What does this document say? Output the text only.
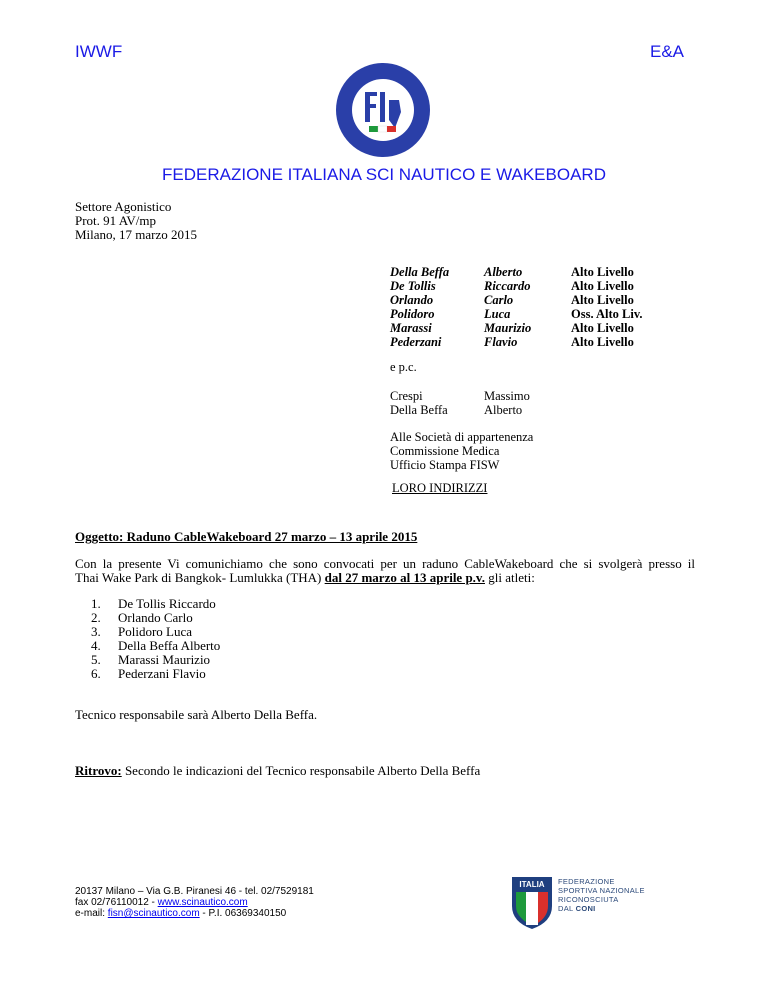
IWWF	E&A
FEDERAZIONE ITALIANA SCI NAUTICO E WAKEBOARD
Settore Agonistico
Prot. 91 AV/mp
Milano, 17 marzo 2015
Della Beffa
De Tollis
Orlando
Polidoro
Marassi
Pederzani
Alberto
Riccardo
Carlo
Luca
Maurizio
Flavio
Alto Livello
Alto Livello
Alto Livello
Oss. Alto Liv.
Alto Livello
Alto Livello
e p.c.
Crespi
Della Beffa
Massimo
Alberto
Alle Società di appartenenza
Commissione Medica
Ufficio Stampa FISW
LORO INDIRIZZI
Oggetto: Raduno CableWakeboard 27 marzo – 13 aprile 2015
Con la presente Vi comunichiamo che sono convocati per un raduno CableWakeboard che si svolgerà presso il
Thai Wake Park di Bangkok- Lumlukka (THA) dal 27 marzo al 13 aprile p.v. gli atleti:
1. De Tollis Riccardo
2. Orlando Carlo
3. Polidoro Luca
4. Della Beffa Alberto
5. Marassi Maurizio
6. Pederzani Flavio
Tecnico responsabile sarà Alberto Della Beffa.
Ritrovo: Secondo le indicazioni del Tecnico responsabile Alberto Della Beffa
20137 Milano – Via G.B. Piranesi 46 - tel. 02/7529181
fax 02/76110012 - www.scinautico.com
e-mail: fisn@scinautico.com - P.I. 06369340150
ITALIA FEDERAZIONE
SPORTIVA NAZIONALE
RICONOSCIUTA
DAL CONI
